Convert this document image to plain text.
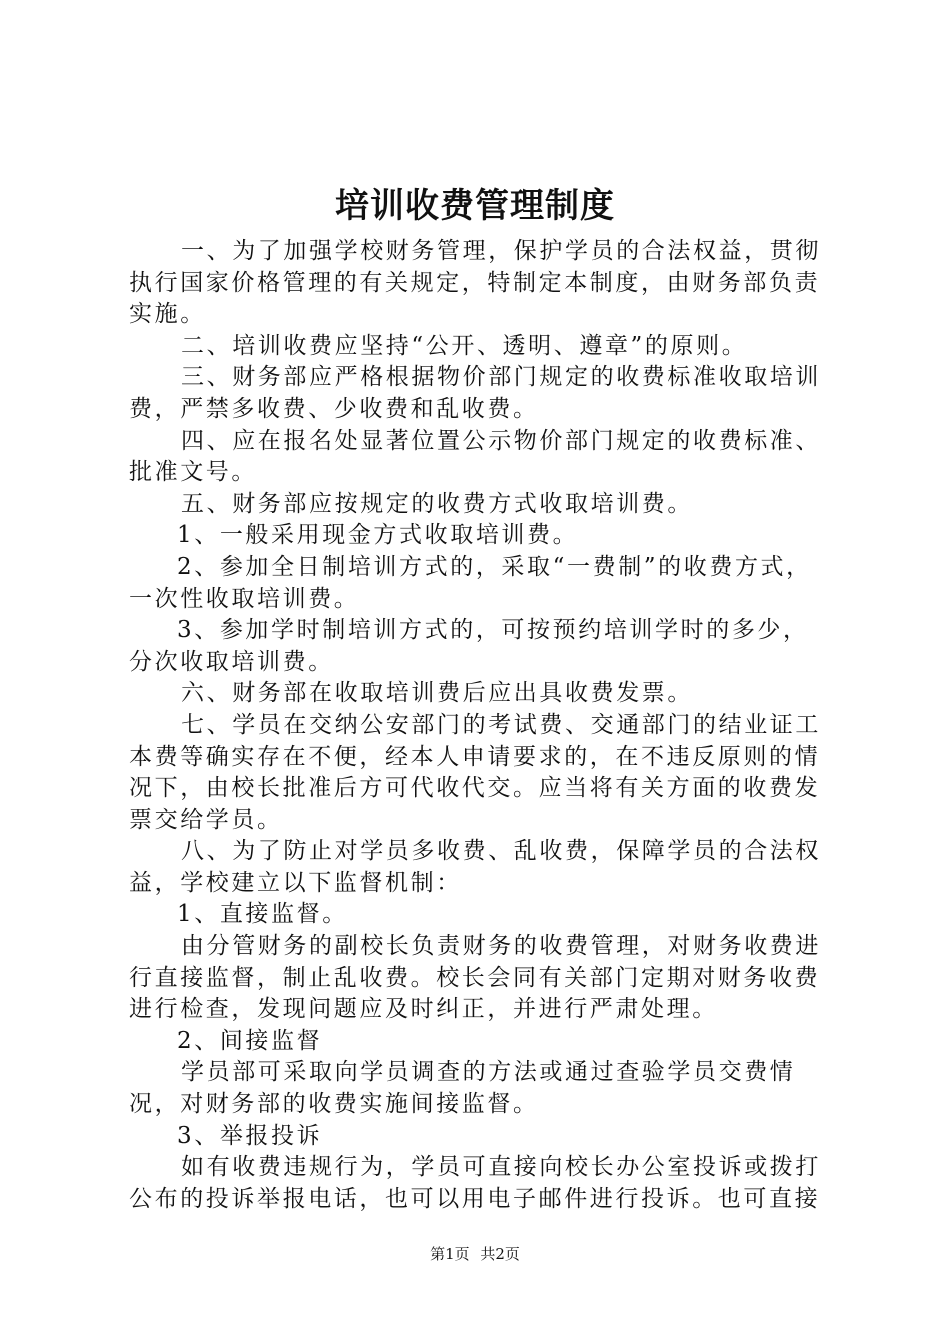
培训收费管理制度

一、为了加强学校财务管理，保护学员的合法权益，贯彻执行国家价格管理的有关规定，特制定本制度，由财务部负责实施。

二、培训收费应坚持“公开、透明、遵章”的原则。

三、财务部应严格根据物价部门规定的收费标准收取培训费，严禁多收费、少收费和乱收费。

四、应在报名处显著位置公示物价部门规定的收费标准、批准文号。

五、财务部应按规定的收费方式收取培训费。

1、一般采用现金方式收取培训费。

2、参加全日制培训方式的，采取“一费制”的收费方式，一次性收取培训费。

3、参加学时制培训方式的，可按预约培训学时的多少，分次收取培训费。

六、财务部在收取培训费后应出具收费发票。

七、学员在交纳公安部门的考试费、交通部门的结业证工本费等确实存在不便，经本人申请要求的，在不违反原则的情况下，由校长批准后方可代收代交。应当将有关方面的收费发票交给学员。

八、为了防止对学员多收费、乱收费，保障学员的合法权益，学校建立以下监督机制：

1、直接监督。

由分管财务的副校长负责财务的收费管理，对财务收费进行直接监督，制止乱收费。校长会同有关部门定期对财务收费进行检查，发现问题应及时纠正，并进行严肃处理。

2、间接监督

学员部可采取向学员调查的方法或通过查验学员交费情况，对财务部的收费实施间接监督。

3、举报投诉

如有收费违规行为，学员可直接向校长办公室投诉或拨打公布的投诉举报电话，也可以用电子邮件进行投诉。也可直接

第1页 共2页
